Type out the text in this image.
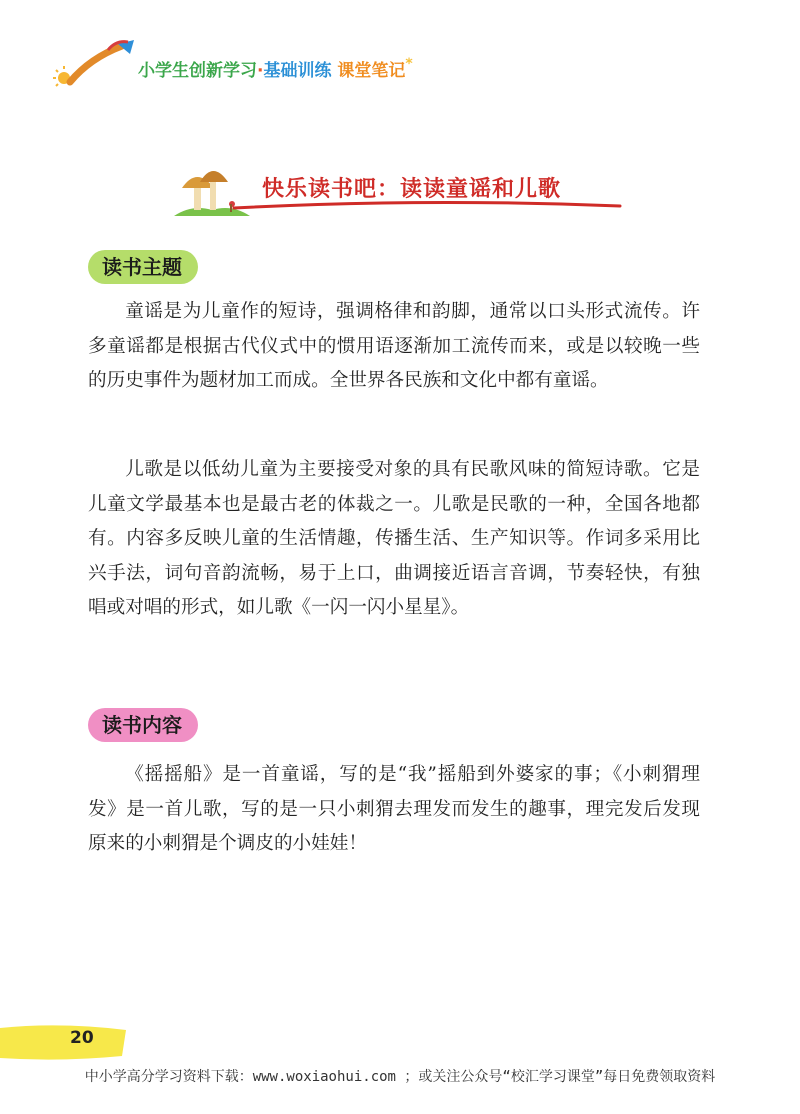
小学生创新学习·基础训练 课堂笔记*
快乐读书吧：读读童谣和儿歌
读书主题

童谣是为儿童作的短诗，强调格律和韵脚，通常以口头形式流传。许多童谣都是根据古代仪式中的惯用语逐渐加工流传而来，或是以较晚一些的历史事件为题材加工而成。全世界各民族和文化中都有童谣。

儿歌是以低幼儿童为主要接受对象的具有民歌风味的简短诗歌。它是儿童文学最基本也是最古老的体裁之一。儿歌是民歌的一种，全国各地都有。内容多反映儿童的生活情趣，传播生活、生产知识等。作词多采用比兴手法，词句音韵流畅，易于上口，曲调接近语言音调，节奏轻快，有独唱或对唱的形式，如儿歌《一闪一闪小星星》。

读书内容

《摇摇船》是一首童谣，写的是“我”摇船到外婆家的事；《小刺猬理发》是一首儿歌，写的是一只小刺猬去理发而发生的趣事，理完发后发现原来的小刺猬是个调皮的小娃娃！

20
中小学高分学习资料下载：www.woxiaohui.com ；或关注公众号“校汇学习课堂”每日免费领取资料
